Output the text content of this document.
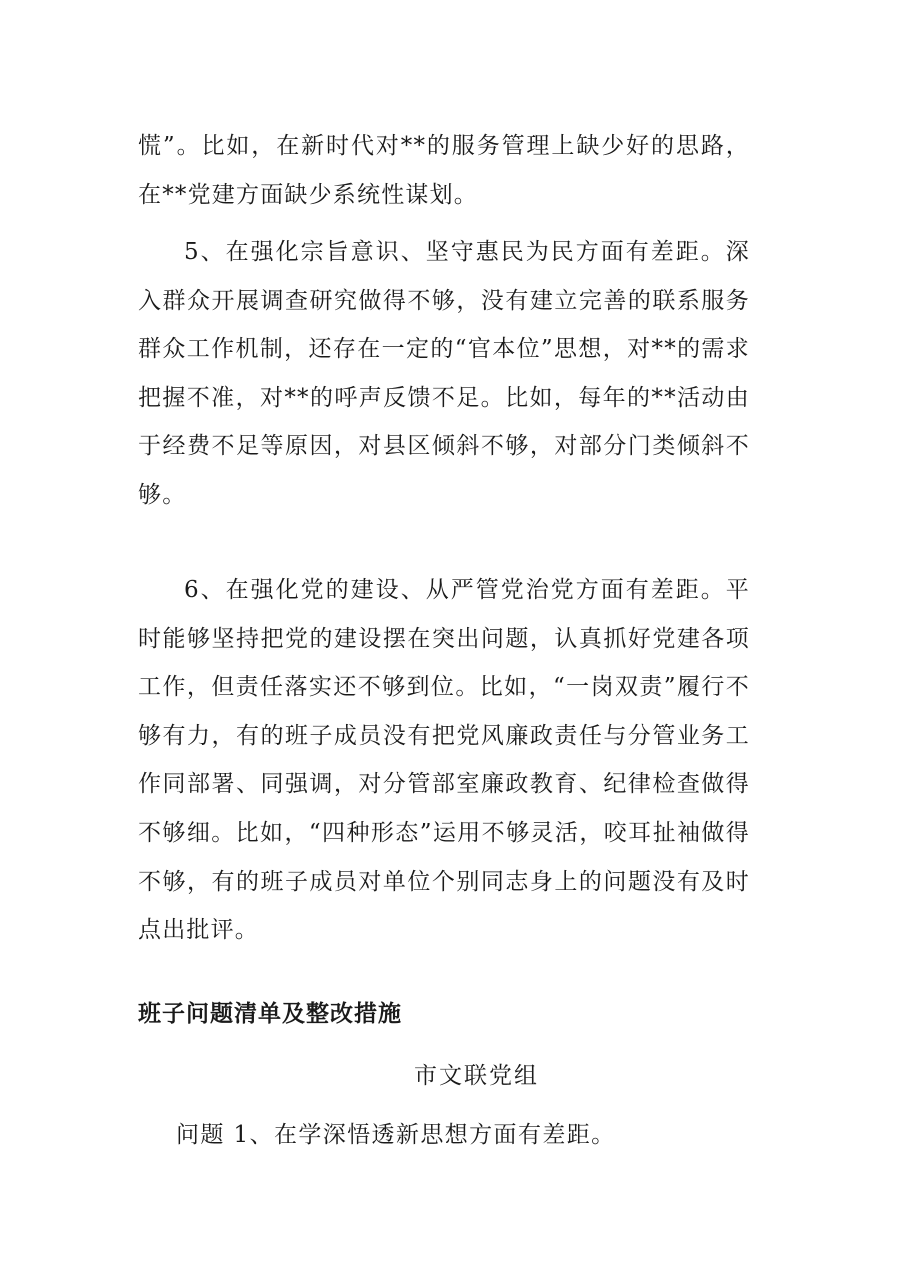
慌”。比如，在新时代对**的服务管理上缺少好的思路，在**党建方面缺少系统性谋划。

5、在强化宗旨意识、坚守惠民为民方面有差距。深入群众开展调查研究做得不够，没有建立完善的联系服务群众工作机制，还存在一定的“官本位”思想，对**的需求把握不准，对**的呼声反馈不足。比如，每年的**活动由于经费不足等原因，对县区倾斜不够，对部分门类倾斜不够。

6、在强化党的建设、从严管党治党方面有差距。平时能够坚持把党的建设摆在突出问题，认真抓好党建各项工作，但责任落实还不够到位。比如，“一岗双责”履行不够有力，有的班子成员没有把党风廉政责任与分管业务工作同部署、同强调，对分管部室廉政教育、纪律检查做得不够细。比如，“四种形态”运用不够灵活，咬耳扯袖做得不够，有的班子成员对单位个别同志身上的问题没有及时点出批评。

班子问题清单及整改措施

市文联党组

问题 1、在学深悟透新思想方面有差距。
